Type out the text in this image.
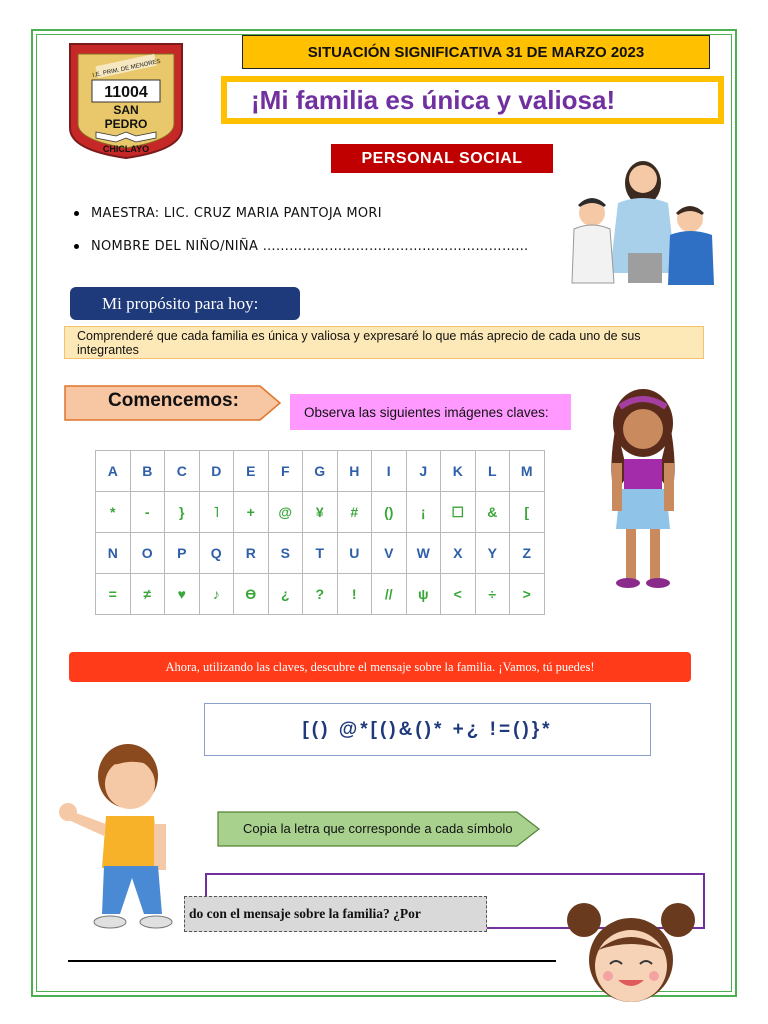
I.E. PRIM. DE MENORES
11004
SAN
PEDRO
CHICLAYO
SITUACIÓN SIGNIFICATIVA 31 DE MARZO 2023
¡Mi familia es única y valiosa!
PERSONAL SOCIAL
MAESTRA: LIC. CRUZ MARIA PANTOJA MORI
NOMBRE DEL NIÑO/NIÑA ……………………………………………………
Mi propósito para hoy:
Comprenderé que cada familia es única y valiosa y expresaré lo que más aprecio de cada uno de sus integrantes
Comencemos:
Observa las siguientes imágenes claves:
A	B	C	D	E	F	G	H	I	J	K	L	M
*	-	}	˥	+	@	¥	#	()	¡	☐	&	[
N	O	P	Q	R	S	T	U	V	W	X	Y	Z
=	≠	♥	♪	ϴ	¿	?	!	//	ψ	<	÷	>
Ahora, utilizando las claves, descubre el mensaje sobre la familia. ¡Vamos, tú puedes!
[() @*[()&()* +¿ !=()}*
Copia la letra que corresponde a cada símbolo
do con el mensaje sobre la familia? ¿Por
